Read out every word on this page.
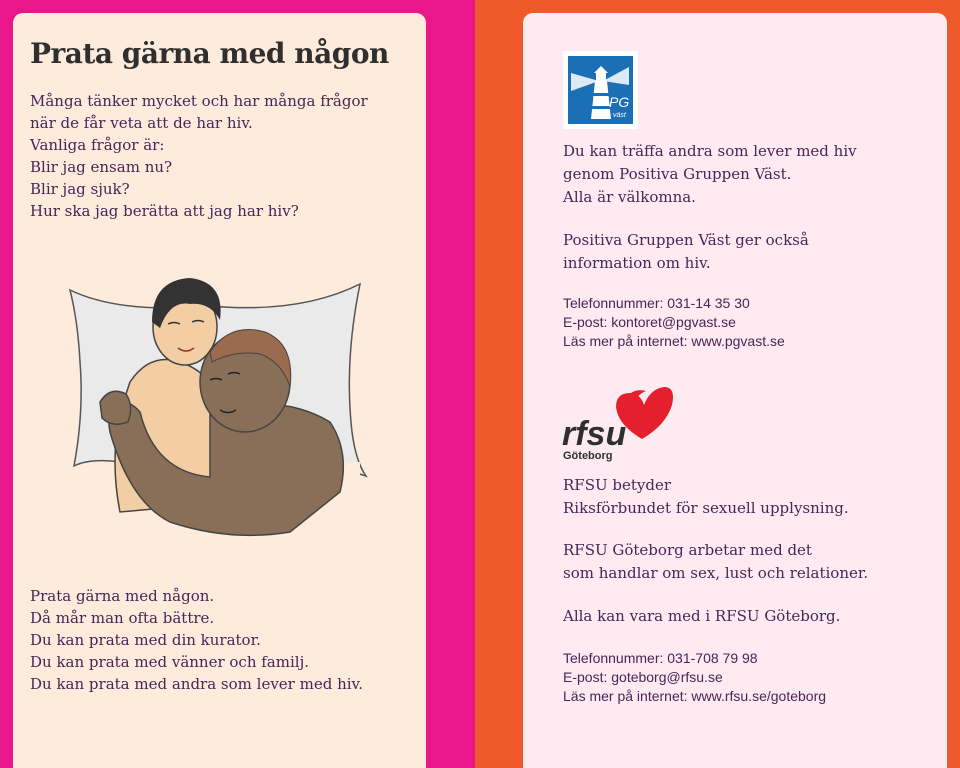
Prata gärna med någon
Många tänker mycket och har många frågor
när de får veta att de har hiv.
Vanliga frågor är:
Blir jag ensam nu?
Blir jag sjuk?
Hur ska jag berätta att jag har hiv?
Prata gärna med någon.
Då mår man ofta bättre.
Du kan prata med din kurator.
Du kan prata med vänner och familj.
Du kan prata med andra som lever med hiv.
PG
väst
Du kan träffa andra som lever med hiv
genom Positiva Gruppen Väst.
Alla är välkomna.
Positiva Gruppen Väst ger också
information om hiv.
Telefonnummer: 031-14 35 30
E-post: kontoret@pgvast.se
Läs mer på internet: www.pgvast.se
rfsu
Göteborg
RFSU betyder
Riksförbundet för sexuell upplysning.
RFSU Göteborg arbetar med det
som handlar om sex, lust och relationer.
Alla kan vara med i RFSU Göteborg.
Telefonnummer: 031-708 79 98
E-post: goteborg@rfsu.se
Läs mer på internet: www.rfsu.se/goteborg
